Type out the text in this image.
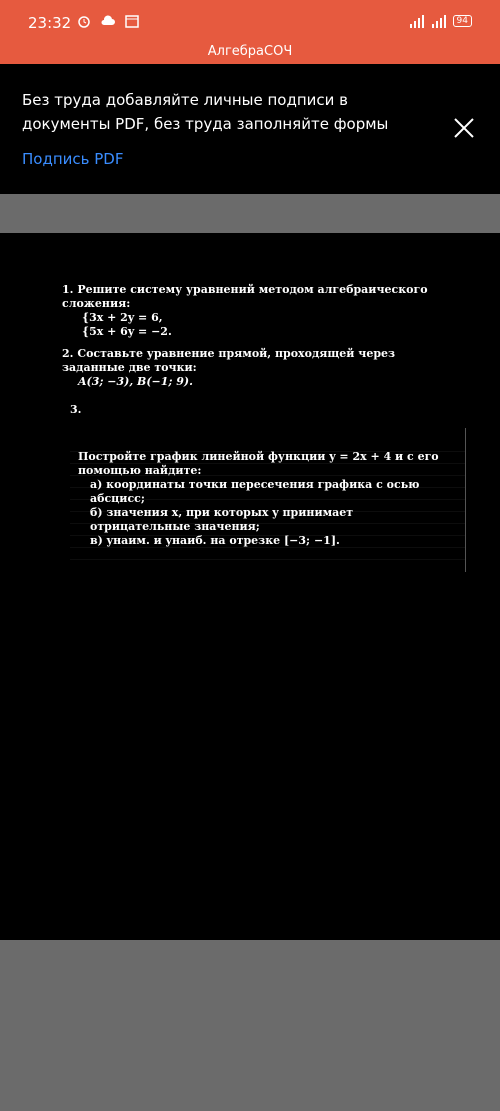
23:32	94
АлгебраСОЧ
Без труда добавляйте личные подписи в документы PDF, без труда заполняйте формы
Подпись PDF
1. Решите систему уравнений методом алгебраического сложения:
{3x + 2y = 6,
{5x + 6y = −2.
2. Составьте уравнение прямой, проходящей через заданные две точки:
A(3; −3), B(−1; 9).
3.
Постройте график линейной функции y = 2x + 4 и с его помощью найдите:
а) координаты точки пересечения графика с осью абсцисс;
б) значения x, при которых y принимает отрицательные значения;
в) yнаим. и yнаиб. на отрезке [−3; −1].
